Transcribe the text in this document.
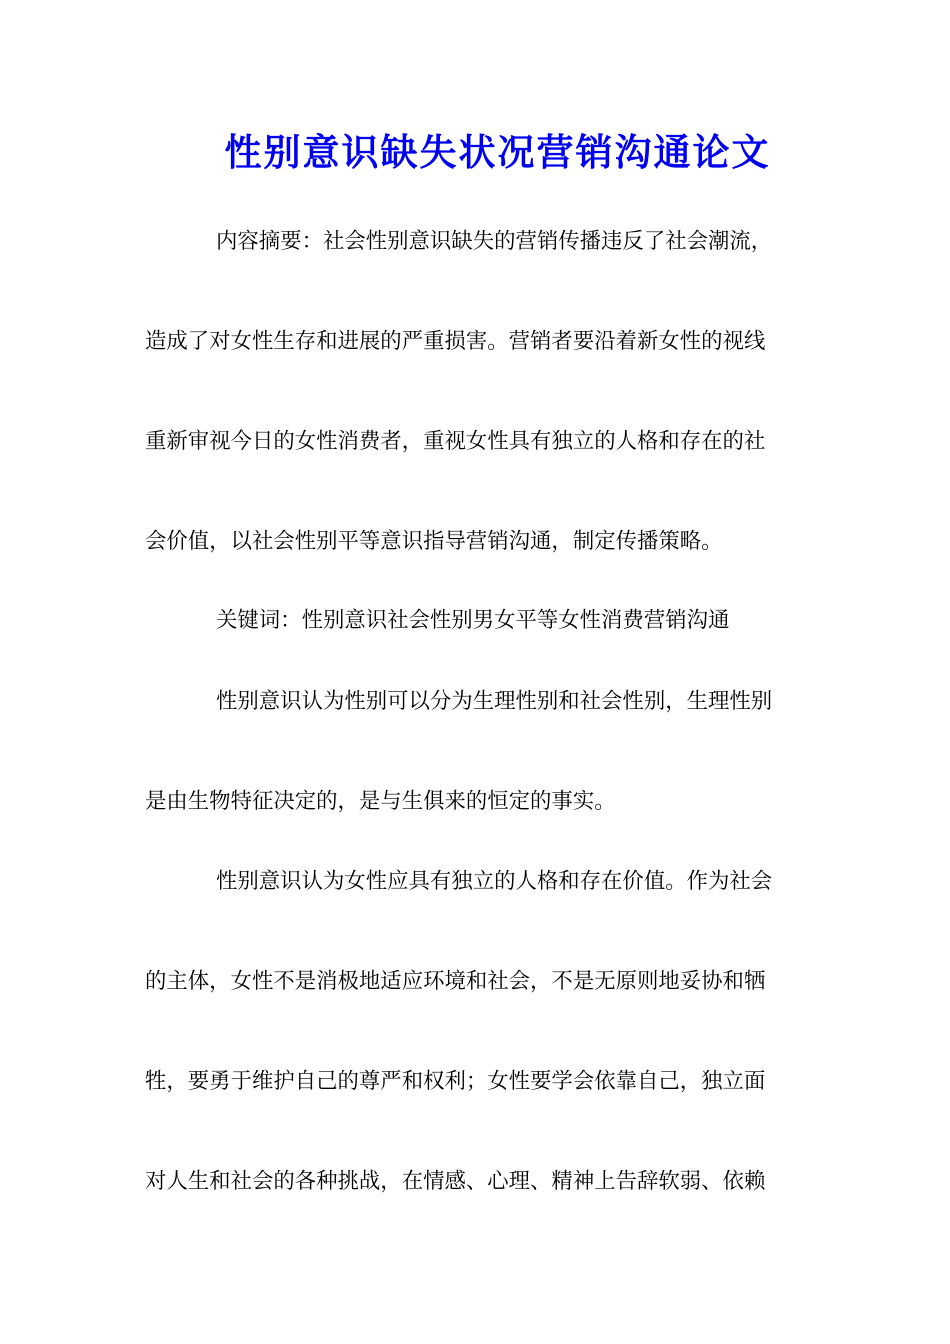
性别意识缺失状况营销沟通论文
内容摘要：社会性别意识缺失的营销传播违反了社会潮流，
造成了对女性生存和进展的严重损害。营销者要沿着新女性的视线
重新审视今日的女性消费者，重视女性具有独立的人格和存在的社
会价值，以社会性别平等意识指导营销沟通，制定传播策略。
关键词：性别意识社会性别男女平等女性消费营销沟通
性别意识认为性别可以分为生理性别和社会性别，生理性别
是由生物特征决定的，是与生俱来的恒定的事实。
性别意识认为女性应具有独立的人格和存在价值。作为社会
的主体，女性不是消极地适应环境和社会，不是无原则地妥协和牺
牲，要勇于维护自己的尊严和权利；女性要学会依靠自己，独立面
对人生和社会的各种挑战，在情感、心理、精神上告辞软弱、依赖
